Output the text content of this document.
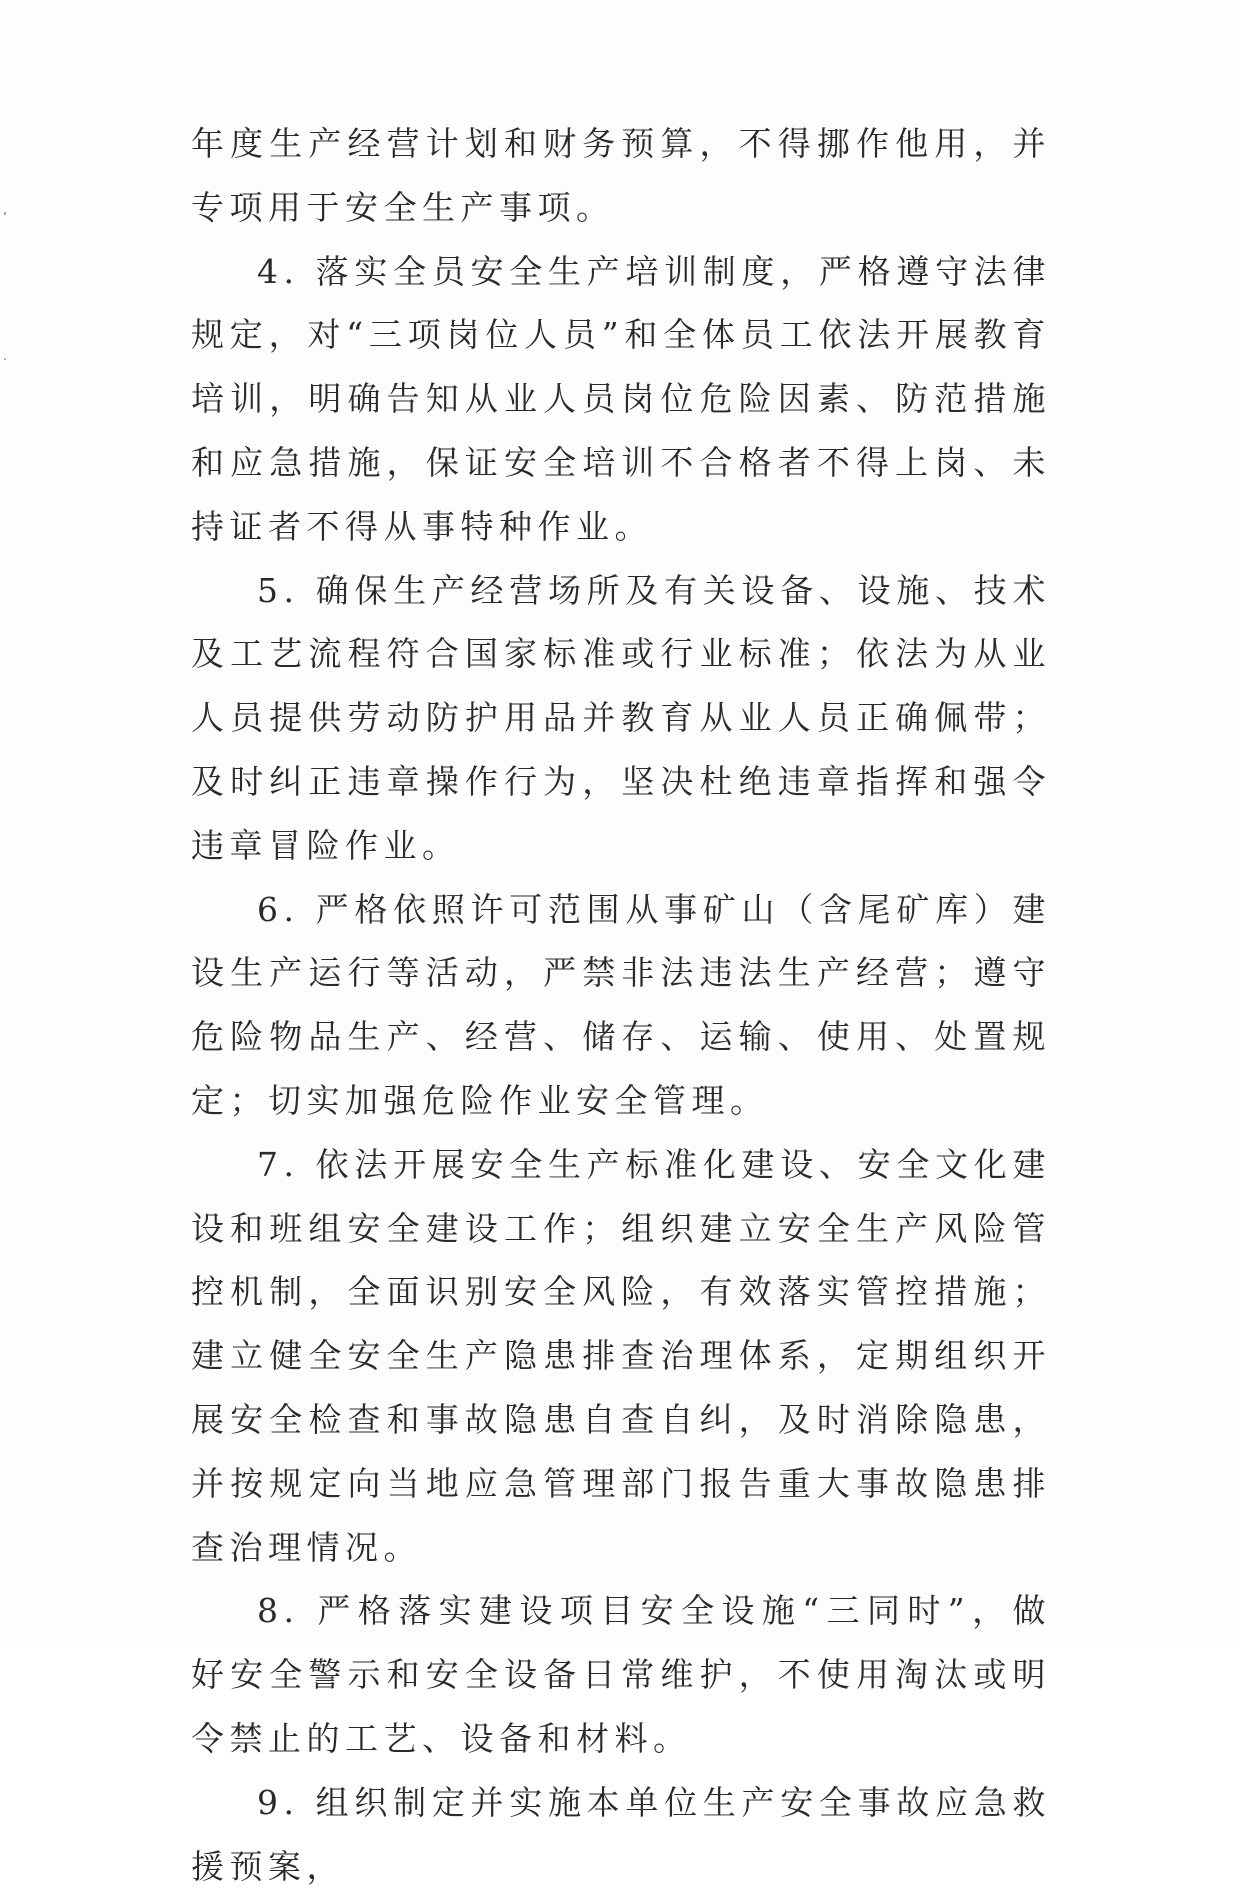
年度生产经营计划和财务预算，不得挪作他用，并专项用于安全生产事项。

4. 落实全员安全生产培训制度，严格遵守法律规定，对“三项岗位人员”和全体员工依法开展教育培训，明确告知从业人员岗位危险因素、防范措施和应急措施，保证安全培训不合格者不得上岗、未持证者不得从事特种作业。

5. 确保生产经营场所及有关设备、设施、技术及工艺流程符合国家标准或行业标准；依法为从业人员提供劳动防护用品并教育从业人员正确佩带；及时纠正违章操作行为，坚决杜绝违章指挥和强令违章冒险作业。

6. 严格依照许可范围从事矿山（含尾矿库）建设生产运行等活动，严禁非法违法生产经营；遵守危险物品生产、经营、储存、运输、使用、处置规定；切实加强危险作业安全管理。

7. 依法开展安全生产标准化建设、安全文化建设和班组安全建设工作；组织建立安全生产风险管控机制，全面识别安全风险，有效落实管控措施；建立健全安全生产隐患排查治理体系，定期组织开展安全检查和事故隐患自查自纠，及时消除隐患，并按规定向当地应急管理部门报告重大事故隐患排查治理情况。

8. 严格落实建设项目安全设施“三同时”，做好安全警示和安全设备日常维护，不使用淘汰或明令禁止的工艺、设备和材料。

9. 组织制定并实施本单位生产安全事故应急救援预案，
